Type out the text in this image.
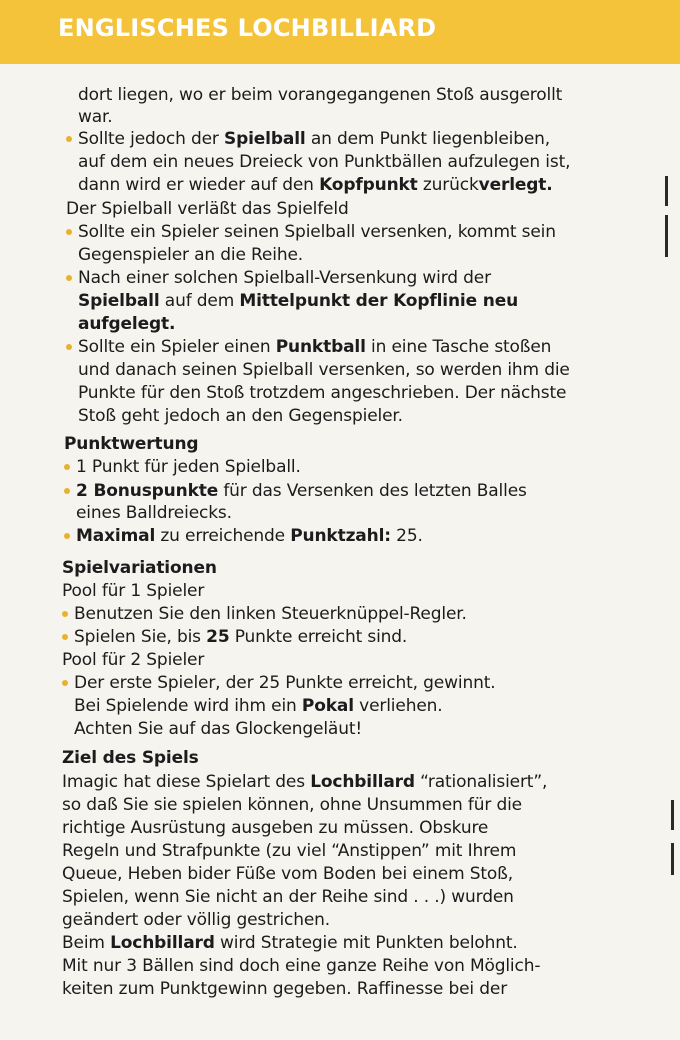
ENGLISCHES LOCHBILLIARD
dort liegen, wo er beim vorangegangenen Stoß ausgerollt
war.
Sollte jedoch der Spielball an dem Punkt liegenbleiben,
auf dem ein neues Dreieck von Punktbällen aufzulegen ist,
dann wird er wieder auf den Kopfpunkt zurückverlegt.
Der Spielball verläßt das Spielfeld
Sollte ein Spieler seinen Spielball versenken, kommt sein
Gegenspieler an die Reihe.
Nach einer solchen Spielball-Versenkung wird der
Spielball auf dem Mittelpunkt der Kopflinie neu
aufgelegt.
Sollte ein Spieler einen Punktball in eine Tasche stoßen
und danach seinen Spielball versenken, so werden ihm die
Punkte für den Stoß trotzdem angeschrieben. Der nächste
Stoß geht jedoch an den Gegenspieler.
Punktwertung
1 Punkt für jeden Spielball.
2 Bonuspunkte für das Versenken des letzten Balles
eines Balldreiecks.
Maximal zu erreichende Punktzahl: 25.
Spielvariationen
Pool für 1 Spieler
Benutzen Sie den linken Steuerknüppel-Regler.
Spielen Sie, bis 25 Punkte erreicht sind.
Pool für 2 Spieler
Der erste Spieler, der 25 Punkte erreicht, gewinnt.
Bei Spielende wird ihm ein Pokal verliehen.
Achten Sie auf das Glockengeläut!
Ziel des Spiels
Imagic hat diese Spielart des Lochbillard “rationalisiert”,
so daß Sie sie spielen können, ohne Unsummen für die
richtige Ausrüstung ausgeben zu müssen. Obskure
Regeln und Strafpunkte (zu viel “Anstippen” mit Ihrem
Queue, Heben bider Füße vom Boden bei einem Stoß,
Spielen, wenn Sie nicht an der Reihe sind . . .) wurden
geändert oder völlig gestrichen.
Beim Lochbillard wird Strategie mit Punkten belohnt.
Mit nur 3 Bällen sind doch eine ganze Reihe von Möglich-
keiten zum Punktgewinn gegeben. Raffinesse bei der
